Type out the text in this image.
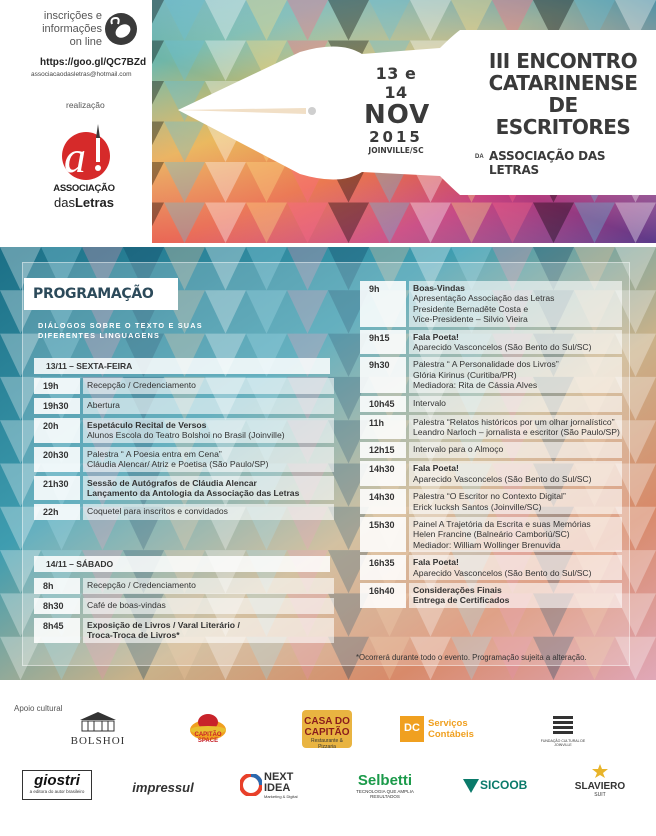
inscrições e informações on line
https://goo.gl/QC7BZd
associacaodasletras@hotmail.com
realização
a
ASSOCIAÇÃO
dasLetras
13 e 14
NOV
2015
JOINVILLE/SC
III ENCONTRO
CATARINENSE
DE ESCRITORES
DA ASSOCIAÇÃO DAS LETRAS
PROGRAMAÇÃO
DIÁLOGOS SOBRE O TEXTO E SUAS DIFERENTES LINGUAGENS
13/11 – SEXTA-FEIRA
14/11 – SÁBADO
19h	Recepção / Credenciamento
19h30	Abertura
20h	Espetáculo Recital de Versos
Alunos Escola do Teatro Bolshoi no Brasil (Joinville)
20h30	Palestra “ A Poesia entra em Cena”
Cláudia Alencar/ Atriz e Poetisa (São Paulo/SP)
21h30	Sessão de Autógrafos de Cláudia Alencar
Lançamento da Antologia da Associação das Letras
22h	Coquetel para inscritos e convidados
8h	Recepção / Credenciamento
8h30	Café de boas-vindas
8h45	Exposição de Livros / Varal Literário /
Troca-Troca de Livros*
9h	Boas-Vindas
Apresentação Associação das Letras
Presidente Bernadête Costa e
Vice-Presidente – Silvio Vieira
9h15	Fala Poeta!
Aparecido Vasconcelos (São Bento do Sul/SC)
9h30	Palestra “ A Personalidade dos Livros”
Glória Kirinus (Curitiba/PR)
Mediadora: Rita de Cássia Alves
10h45	Intervalo
11h	Palestra “Relatos históricos por um olhar jornalístico”
Leandro Narloch – jornalista e escritor (São Paulo/SP)
12h15	Intervalo para o Almoço
14h30	Fala Poeta!
Aparecido Vasconcelos (São Bento do Sul/SC)
14h30	Palestra “O Escritor no Contexto Digital”
Erick Iucksh Santos (Joinville/SC)
15h30	Painel A Trajetória da Escrita e suas Memórias
Helen Francine (Balneário Camboriú/SC)
Mediador: William Wollinger Brenuvida
16h35	Fala Poeta!
Aparecido Vasconcelos (São Bento do Sul/SC)
16h40	Considerações Finais
Entrega de Certificados
*Ocorrerá durante todo o evento. Programação sujeita a alteração.
Apoio cultural
BOLSHOI	CAPITÃO SPACE
CASA DO CAPITÃO
Restaurante & Pizzaria
DC Serviços Contábeis
FUNDAÇÃO CULTURAL DE JOINVILLE
giostri
a editora do autor brasileiro	impressul
NEXT IDEA
Marketing & Digital
Selbetti
TECNOLOGIA QUE AMPLIA RESULTADOS
SICOOB	SLAVIERO
SUIT
